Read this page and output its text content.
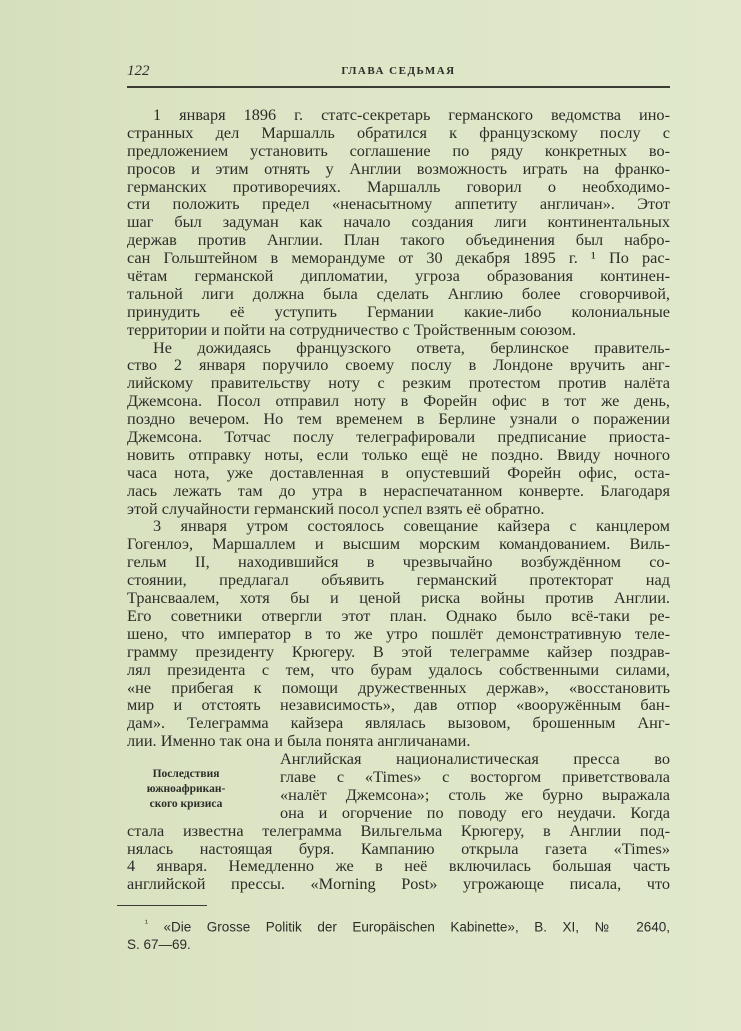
122	ГЛАВА СЕДЬМАЯ
1 января 1896 г. статс-секретарь германского ведомства ино-
странных дел Маршалль обратился к французскому послу с
предложением установить соглашение по ряду конкретных во-
просов и этим отнять у Англии возможность играть на франко-
германских противоречиях. Маршалль говорил о необходимо-
сти положить предел «ненасытному аппетиту англичан». Этот
шаг был задуман как начало создания лиги континентальных
держав против Англии. План такого объединения был набро-
сан Гольштейном в меморандуме от 30 декабря 1895 г. ¹ По рас-
чётам германской дипломатии, угроза образования континен-
тальной лиги должна была сделать Англию более сговорчивой,
принудить её уступить Германии какие-либо колониальные
территории и пойти на сотрудничество с Тройственным союзом.
Не дожидаясь французского ответа, берлинское правитель-
ство 2 января поручило своему послу в Лондоне вручить анг-
лийскому правительству ноту с резким протестом против налёта
Джемсона. Посол отправил ноту в Форейн офис в тот же день,
поздно вечером. Но тем временем в Берлине узнали о поражении
Джемсона. Тотчас послу телеграфировали предписание приоста-
новить отправку ноты, если только ещё не поздно. Ввиду ночного
часа нота, уже доставленная в опустевший Форейн офис, оста-
лась лежать там до утра в нераспечатанном конверте. Благодаря
этой случайности германский посол успел взять её обратно.
3 января утром состоялось совещание кайзера с канцлером
Гогенлоэ, Маршаллем и высшим морским командованием. Виль-
гельм II, находившийся в чрезвычайно возбуждённом со-
стоянии, предлагал объявить германский протекторат над
Трансваалем, хотя бы и ценой риска войны против Англии.
Его советники отвергли этот план. Однако было всё-таки ре-
шено, что император в то же утро пошлёт демонстративную теле-
грамму президенту Крюгеру. В этой телеграмме кайзер поздрав-
лял президента с тем, что бурам удалось собственными силами,
«не прибегая к помощи дружественных держав», «восстановить
мир и отстоять независимость», дав отпор «вооружённым бан-
дам». Телеграмма кайзера являлась вызовом, брошенным Анг-
лии. Именно так она и была понята англичанами.
Английская националистическая пресса во
главе с «Times» с восторгом приветствовала
«налёт Джемсона»; столь же бурно выражала
она и огорчение по поводу его неудачи. Когда
стала известна телеграмма Вильгельма Крюгеру, в Англии под-
нялась настоящая буря. Кампанию открыла газета «Times»
4 января. Немедленно же в неё включилась большая часть
английской прессы. «Morning Post» угрожающе писала, что
Последствия
южноафрикан-
ского кризиса
$^{^1}$ «Die Grosse Politik der Europäischen Kabinette», B. XI, № 2640,
S. 67—69.
